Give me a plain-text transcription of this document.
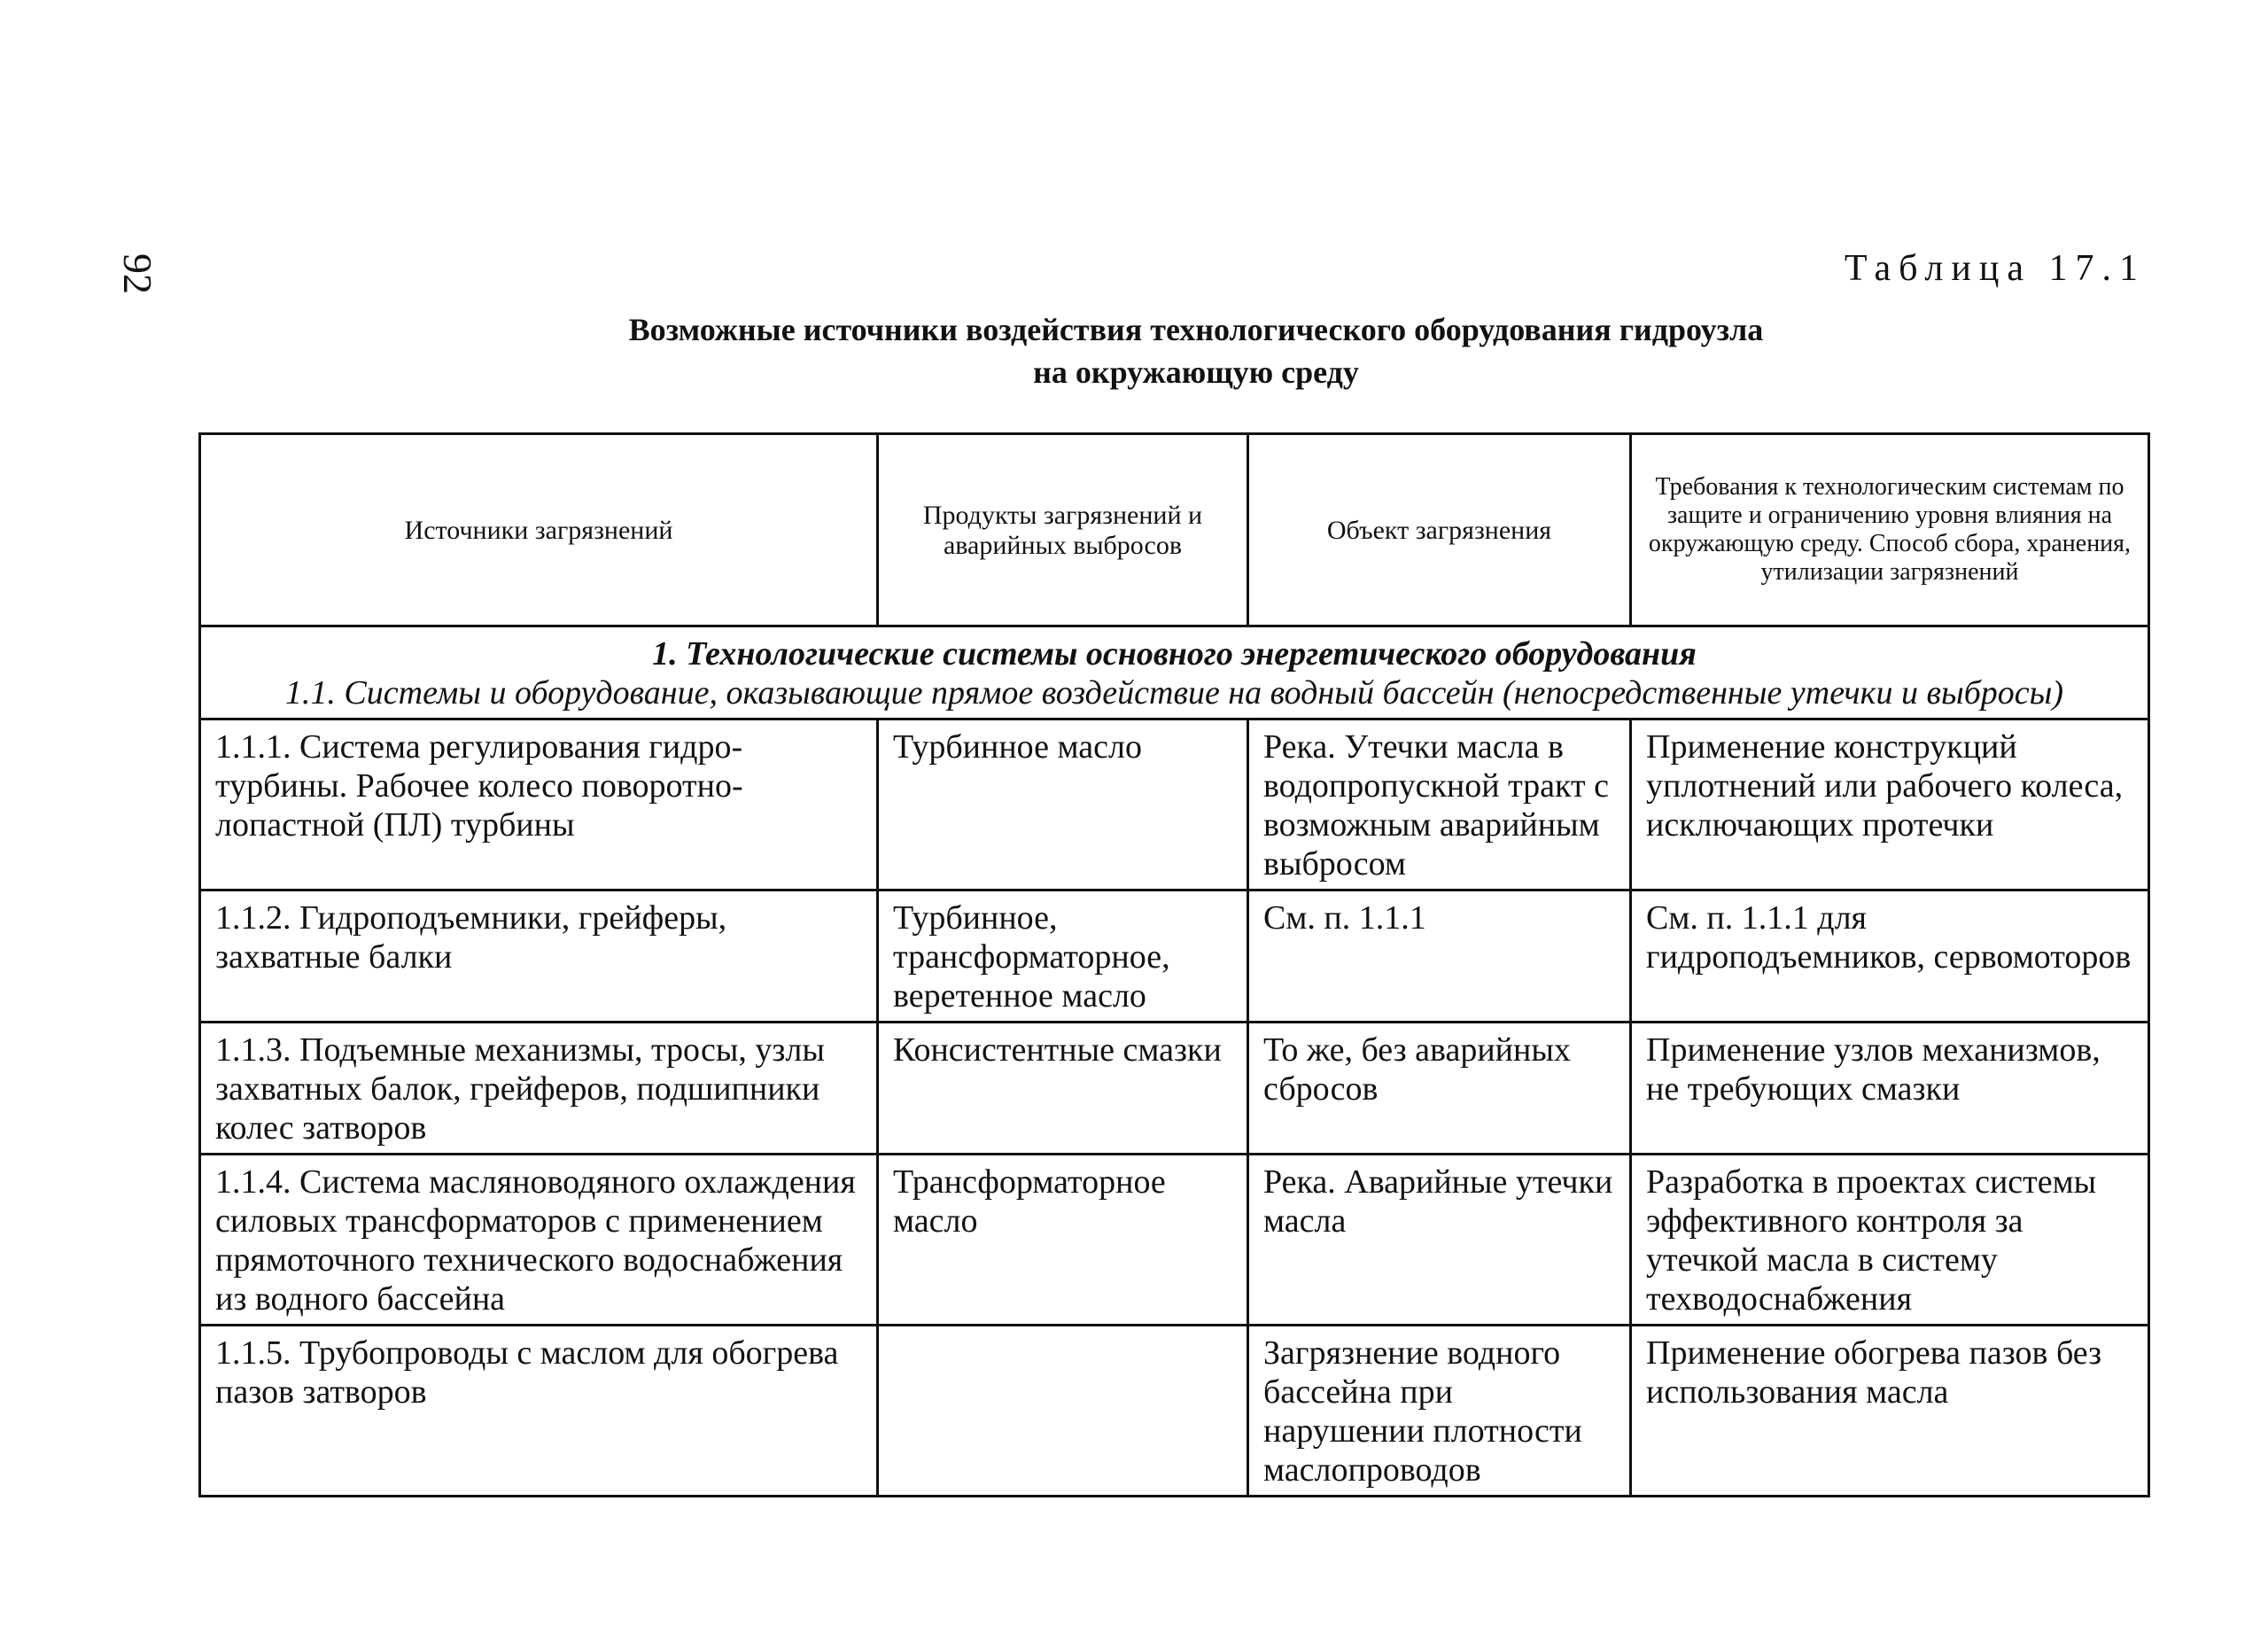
92	Таблица 17.1
Возможные источники воздействия технологического оборудования гидроузла
на окружающую среду
Источники загрязнений	Продукты загрязнений и аварийных выбросов	Объект загрязнения	Требования к технологическим системам по защите и ограничению уровня влияния на окружающую среду. Способ сбора, хранения, утилизации загрязнений

1. Технологические системы основного энергетического оборудования
1.1. Системы и оборудование, оказывающие прямое воздействие на водный бассейн (непосредственные утечки и выбросы)			

1.1.1. Система регулирования гидро- турбины. Рабочее колесо поворотно- лопастной (ПЛ) турбины	Турбинное масло	Река. Утечки масла в водопропускной тракт с возможным аварийным выбросом	Применение конструкций уплотнений или рабочего колеса, исключающих протечки
1.1.2. Гидроподъемники, грейферы, захватные балки	Турбинное, трансформаторное, веретенное масло	См. п. 1.1.1	См. п. 1.1.1 для гидроподъемников, сервомоторов
1.1.3. Подъемные механизмы, тросы, узлы захватных балок, грейферов, подшипники колес затворов	Консистентные смазки	То же, без аварийных сбросов	Применение узлов механизмов, не требующих смазки
1.1.4. Система масляноводяного охлаждения силовых трансформаторов с применением прямоточного технического водоснабжения из водного бассейна	Трансформаторное масло	Река. Аварийные утечки масла	Разработка в проектах системы эффективного контроля за утечкой масла в систему техводоснабжения
1.1.5. Трубопроводы с маслом для обогрева пазов затворов		Загрязнение водного бассейна при нарушении плотности маслопроводов	Применение обогрева пазов без использования масла
